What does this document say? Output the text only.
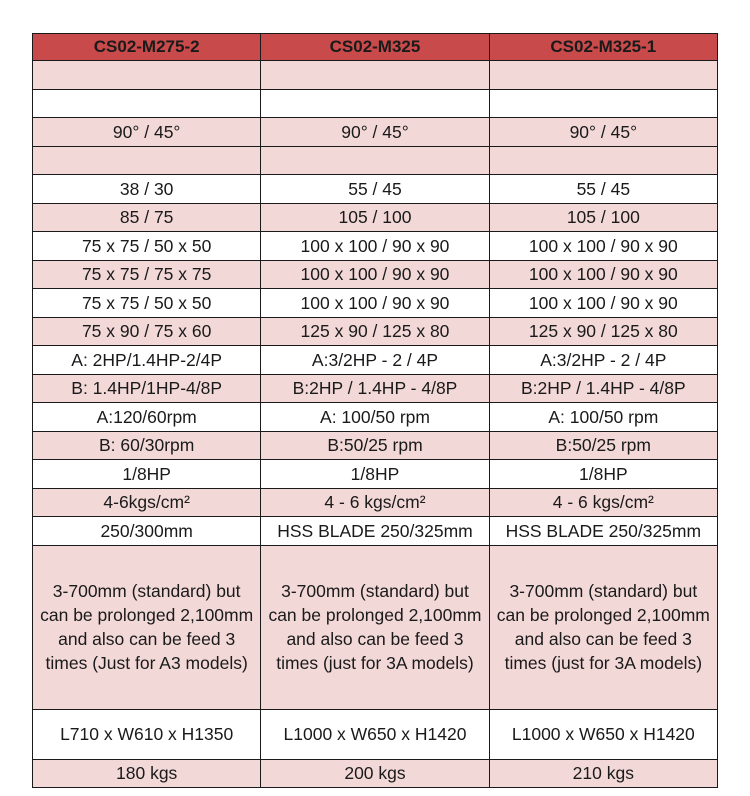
CS02-M275-2	CS02-M325	CS02-M325-1

90° / 45°	90° / 45°	90° / 45°

38 / 30	55 / 45	55 / 45
85 / 75	105 / 100	105 / 100
75 x 75 / 50 x 50	100 x 100 / 90 x 90	100 x 100 / 90 x 90
75 x 75 / 75 x 75	100 x 100 / 90 x 90	100 x 100 / 90 x 90
75 x 75 / 50 x 50	100 x 100 / 90 x 90	100 x 100 / 90 x 90
75 x 90 / 75 x 60	125 x 90 / 125 x 80	125 x 90 / 125 x 80
A: 2HP/1.4HP-2/4P	A:3/2HP - 2 / 4P	A:3/2HP - 2 / 4P
B: 1.4HP/1HP-4/8P	B:2HP / 1.4HP - 4/8P	B:2HP / 1.4HP - 4/8P
A:120/60rpm	A: 100/50 rpm	A: 100/50 rpm
B: 60/30rpm	B:50/25 rpm	B:50/25 rpm
1/8HP	1/8HP	1/8HP
4-6kgs/cm²	4 - 6 kgs/cm²	4 - 6 kgs/cm²
250/300mm	HSS BLADE 250/325mm	HSS BLADE 250/325mm
3-700mm (standard) but can be prolonged 2,100mm and also can be feed 3 times (Just for A3 models)	3-700mm (standard) but can be prolonged 2,100mm and also can be feed 3 times (just for 3A models)	3-700mm (standard) but can be prolonged 2,100mm and also can be feed 3 times (just for 3A models)
L710 x W610 x H1350	L1000 x W650 x H1420	L1000 x W650 x H1420
180 kgs	200 kgs	210 kgs
